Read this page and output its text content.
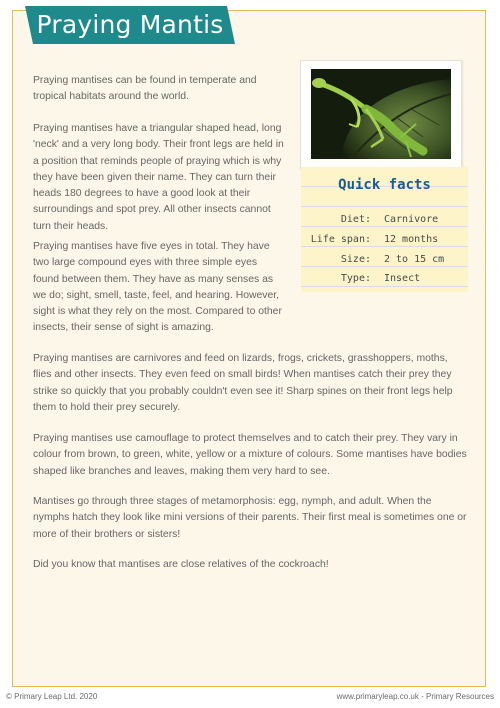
Praying Mantis

Praying mantises can be found in temperate and tropical habitats around the world.

Praying mantises have a triangular shaped head, long 'neck' and a very long body. Their front legs are held in a position that reminds people of praying which is why they have been given their name. They can turn their heads 180 degrees to have a good look at their surroundings and spot prey. All other insects cannot turn their heads.

Praying mantises have five eyes in total. They have two large compound eyes with three simple eyes found between them. They have as many senses as we do; sight, smell, taste, feel, and hearing. However, sight is what they rely on the most. Compared to other insects, their sense of sight is amazing.

Praying mantises are carnivores and feed on lizards, frogs, crickets, grasshoppers, moths, flies and other insects. They even feed on small birds! When mantises catch their prey they strike so quickly that you probably couldn't even see it! Sharp spines on their front legs help them to hold their prey securely.

Praying mantises use camouflage to protect themselves and to catch their prey. They vary in colour from brown, to green, white, yellow or a mixture of colours. Some mantises have bodies shaped like branches and leaves, making them very hard to see.

Mantises go through three stages of metamorphosis: egg, nymph, and adult. When the nymphs hatch they look like mini versions of their parents. Their first meal is sometimes one or more of their brothers or sisters!

Did you know that mantises are close relatives of the cockroach!

Quick facts
Diet: Carnivore
Life span: 12 months
Size: 2 to 15 cm
Type: Insect
© Primary Leap Ltd. 2020	www.primaryleap.co.uk - Primary Resources
